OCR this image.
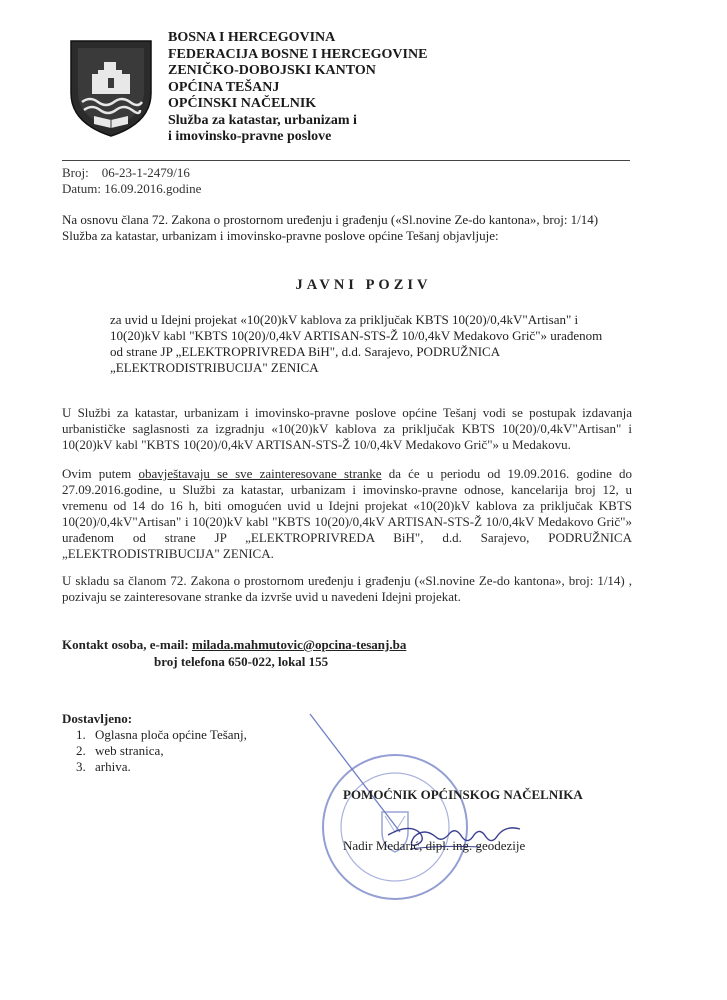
BOSNA I HERCEGOVINA
FEDERACIJA BOSNE I HERCEGOVINE
ZENIČKO-DOBOJSKI KANTON
OPĆINA TEŠANJ
OPĆINSKI NAČELNIK
Služba za katastar, urbanizam i
i imovinsko-pravne poslove
Broj:    06-23-1-2479/16
Datum: 16.09.2016.godine
Na osnovu člana 72. Zakona o prostornom uređenju i građenju («Sl.novine Ze-do kantona», broj: 1/14)
Služba za katastar, urbanizam i imovinsko-pravne poslove općine Tešanj objavljuje:
JAVNI POZIV
za uvid u Idejni projekat «10(20)kV kablova za priključak KBTS 10(20)/0,4kV"Artisan" i
10(20)kV kabl "KBTS 10(20)/0,4kV ARTISAN-STS-Ž 10/0,4kV Medakovo Grič"» urađenom
od strane JP „ELEKTROPRIVREDA BiH", d.d. Sarajevo, PODRUŽNICA
„ELEKTRODISTRIBUCIJA" ZENICA
U Službi za katastar, urbanizam i imovinsko-pravne poslove općine Tešanj vodi se postupak izdavanja urbanističke saglasnosti za izgradnju «10(20)kV kablova za priključak KBTS 10(20)/0,4kV"Artisan" i 10(20)kV kabl "KBTS 10(20)/0,4kV ARTISAN-STS-Ž 10/0,4kV Medakovo Grič"» u Medakovu.
Ovim putem obavještavaju se sve zainteresovane stranke da će u periodu od 19.09.2016. godine do 27.09.2016.godine, u Službi za katastar, urbanizam i imovinsko-pravne odnose, kancelarija broj 12, u vremenu od 14 do 16 h, biti omogućen uvid u Idejni projekat «10(20)kV kablova za priključak KBTS 10(20)/0,4kV"Artisan" i 10(20)kV kabl "KBTS 10(20)/0,4kV ARTISAN-STS-Ž 10/0,4kV Medakovo Grič"» urađenom od strane JP „ELEKTROPRIVREDA BiH", d.d. Sarajevo, PODRUŽNICA „ELEKTRODISTRIBUCIJA" ZENICA.
U skladu sa članom 72. Zakona o prostornom uređenju i građenju («Sl.novine Ze-do kantona», broj: 1/14) , pozivaju se zainteresovane stranke da izvrše uvid u navedeni Idejni projekat.
Kontakt osoba, e-mail: milada.mahmutovic@opcina-tesanj.ba
broj telefona 650-022, lokal 155
Dostavljeno:
1. Oglasna ploča općine Tešanj,
2. web stranica,
3. arhiva.
POMOĆNIK OPĆINSKOG NAČELNIKA
Nadir Medarić, dipl. ing. geodezije
